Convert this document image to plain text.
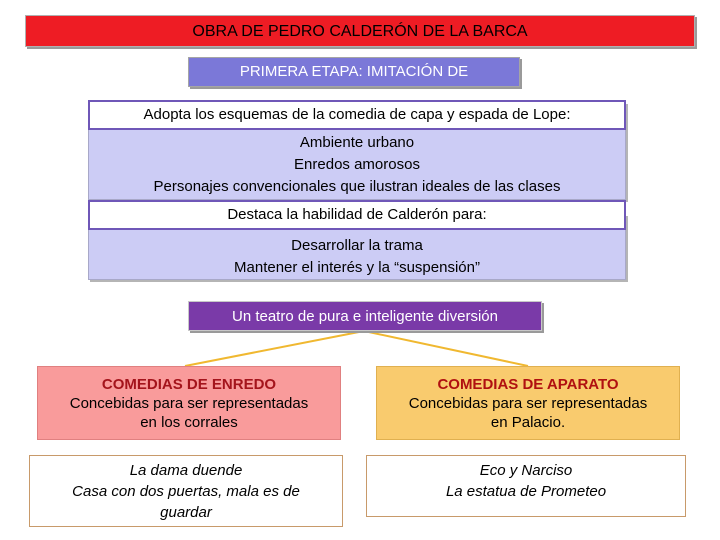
OBRA DE PEDRO CALDERÓN DE LA BARCA
PRIMERA ETAPA: IMITACIÓN DE
Ambiente urbano
Enredos amorosos
Personajes convencionales que ilustran ideales de las clases
Adopta los esquemas de la comedia de capa y espada de Lope:
Desarrollar la trama
Mantener el interés y la “suspensión”
Destaca la habilidad de Calderón para:
Un teatro de pura e inteligente diversión
COMEDIAS DE ENREDO
Concebidas para ser representadas
en los corrales
COMEDIAS DE APARATO
Concebidas para ser representadas
en Palacio.
La dama duende
Casa con dos puertas, mala es de
guardar
Eco y Narciso
La estatua de Prometeo
